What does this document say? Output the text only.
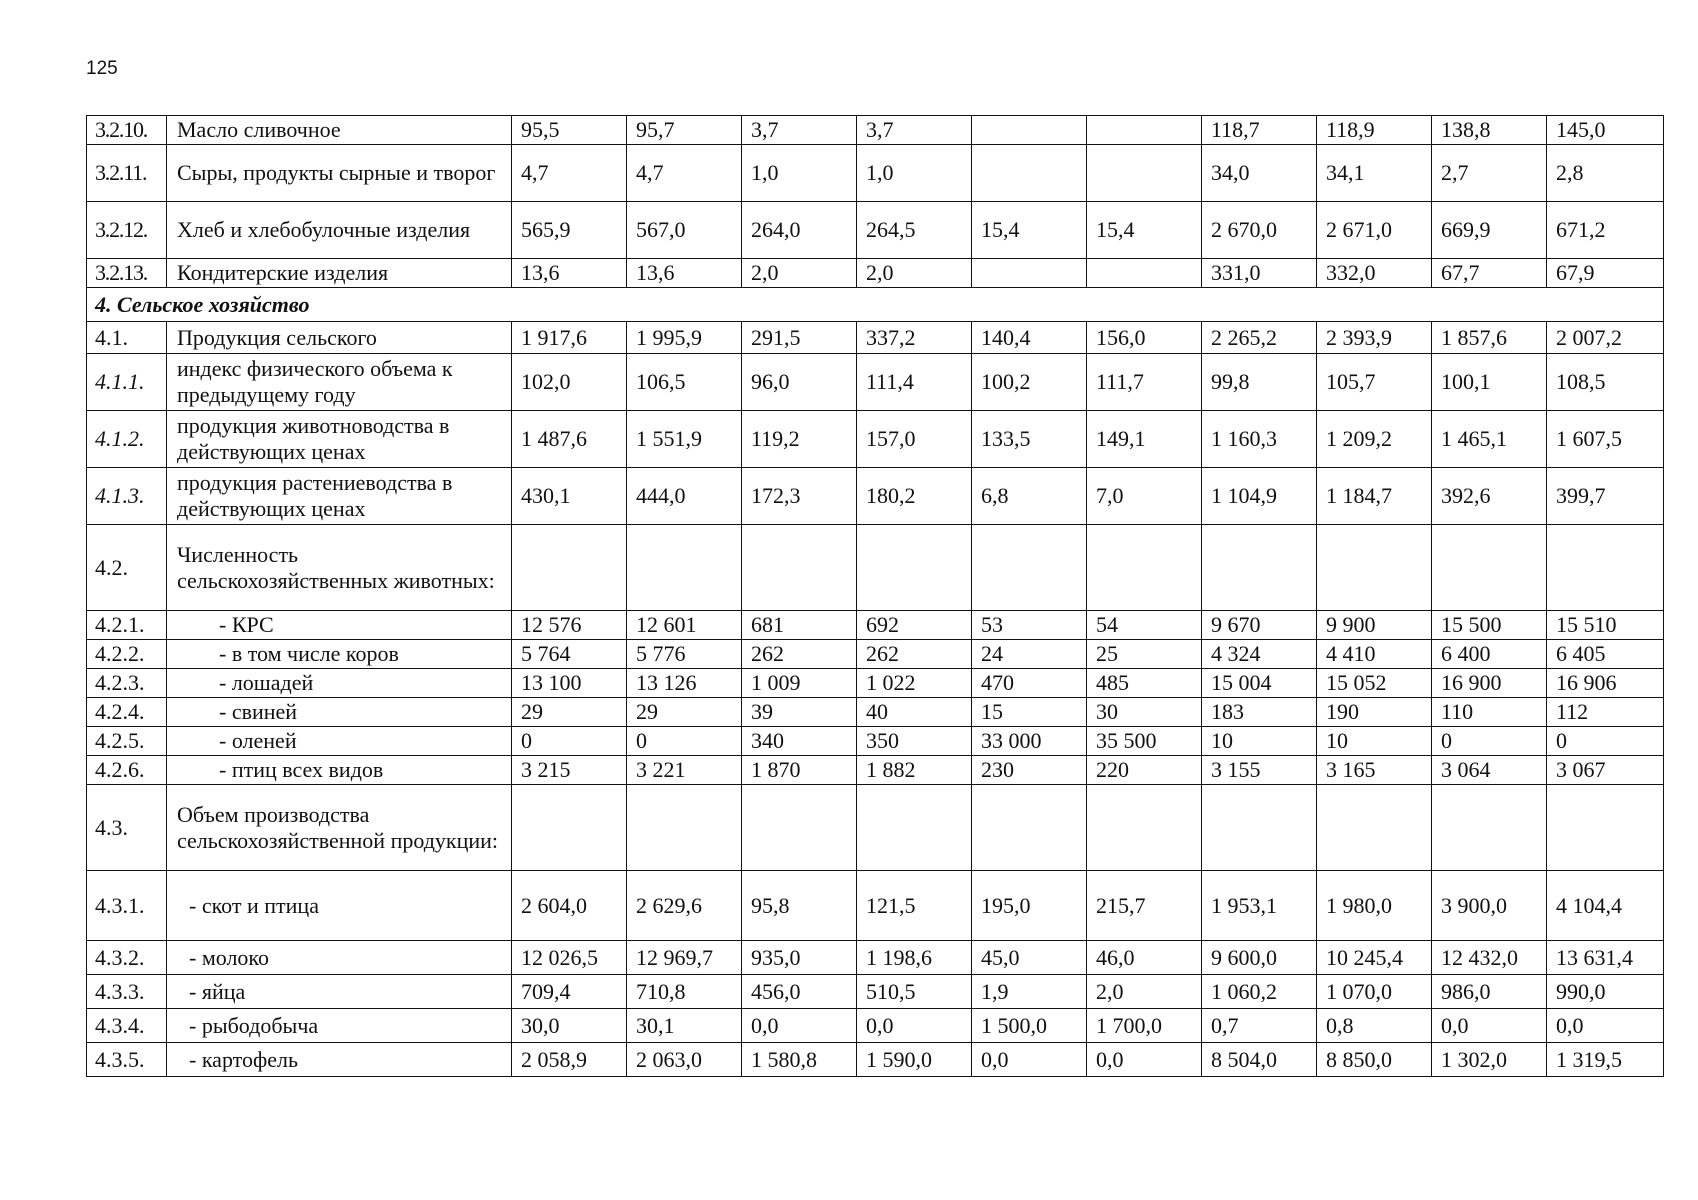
125
3.2.10.	Масло сливочное	95,5	95,7	3,7	3,7			118,7	118,9	138,8	145,0
3.2.11.	Сыры, продукты сырные и творог	4,7	4,7	1,0	1,0			34,0	34,1	2,7	2,8
3.2.12.	Хлеб и хлебобулочные изделия	565,9	567,0	264,0	264,5	15,4	15,4	2 670,0	2 671,0	669,9	671,2
3.2.13.	Кондитерские изделия	13,6	13,6	2,0	2,0			331,0	332,0	67,7	67,9
4. Сельское хозяйство											
4.1.	Продукция сельского	1 917,6	1 995,9	291,5	337,2	140,4	156,0	2 265,2	2 393,9	1 857,6	2 007,2
4.1.1.	индекс физического объема к предыдущему году	102,0	106,5	96,0	111,4	100,2	111,7	99,8	105,7	100,1	108,5
4.1.2.	продукция животноводства в действующих ценах	1 487,6	1 551,9	119,2	157,0	133,5	149,1	1 160,3	1 209,2	1 465,1	1 607,5
4.1.3.	продукция растениеводства в действующих ценах	430,1	444,0	172,3	180,2	6,8	7,0	1 104,9	1 184,7	392,6	399,7
4.2.	Численность сельскохозяйственных животных:										
4.2.1.	- КРС	12 576	12 601	681	692	53	54	9 670	9 900	15 500	15 510
4.2.2.	- в том числе коров	5 764	5 776	262	262	24	25	4 324	4 410	6 400	6 405
4.2.3.	- лошадей	13 100	13 126	1 009	1 022	470	485	15 004	15 052	16 900	16 906
4.2.4.	- свиней	29	29	39	40	15	30	183	190	110	112
4.2.5.	- оленей	0	0	340	350	33 000	35 500	10	10	0	0
4.2.6.	- птиц всех видов	3 215	3 221	1 870	1 882	230	220	3 155	3 165	3 064	3 067
4.3.	Объем производства сельскохозяйственной продукции:										
4.3.1.	- скот и птица	2 604,0	2 629,6	95,8	121,5	195,0	215,7	1 953,1	1 980,0	3 900,0	4 104,4
4.3.2.	- молоко	12 026,5	12 969,7	935,0	1 198,6	45,0	46,0	9 600,0	10 245,4	12 432,0	13 631,4
4.3.3.	- яйца	709,4	710,8	456,0	510,5	1,9	2,0	1 060,2	1 070,0	986,0	990,0
4.3.4.	- рыбодобыча	30,0	30,1	0,0	0,0	1 500,0	1 700,0	0,7	0,8	0,0	0,0
4.3.5.	- картофель	2 058,9	2 063,0	1 580,8	1 590,0	0,0	0,0	8 504,0	8 850,0	1 302,0	1 319,5
